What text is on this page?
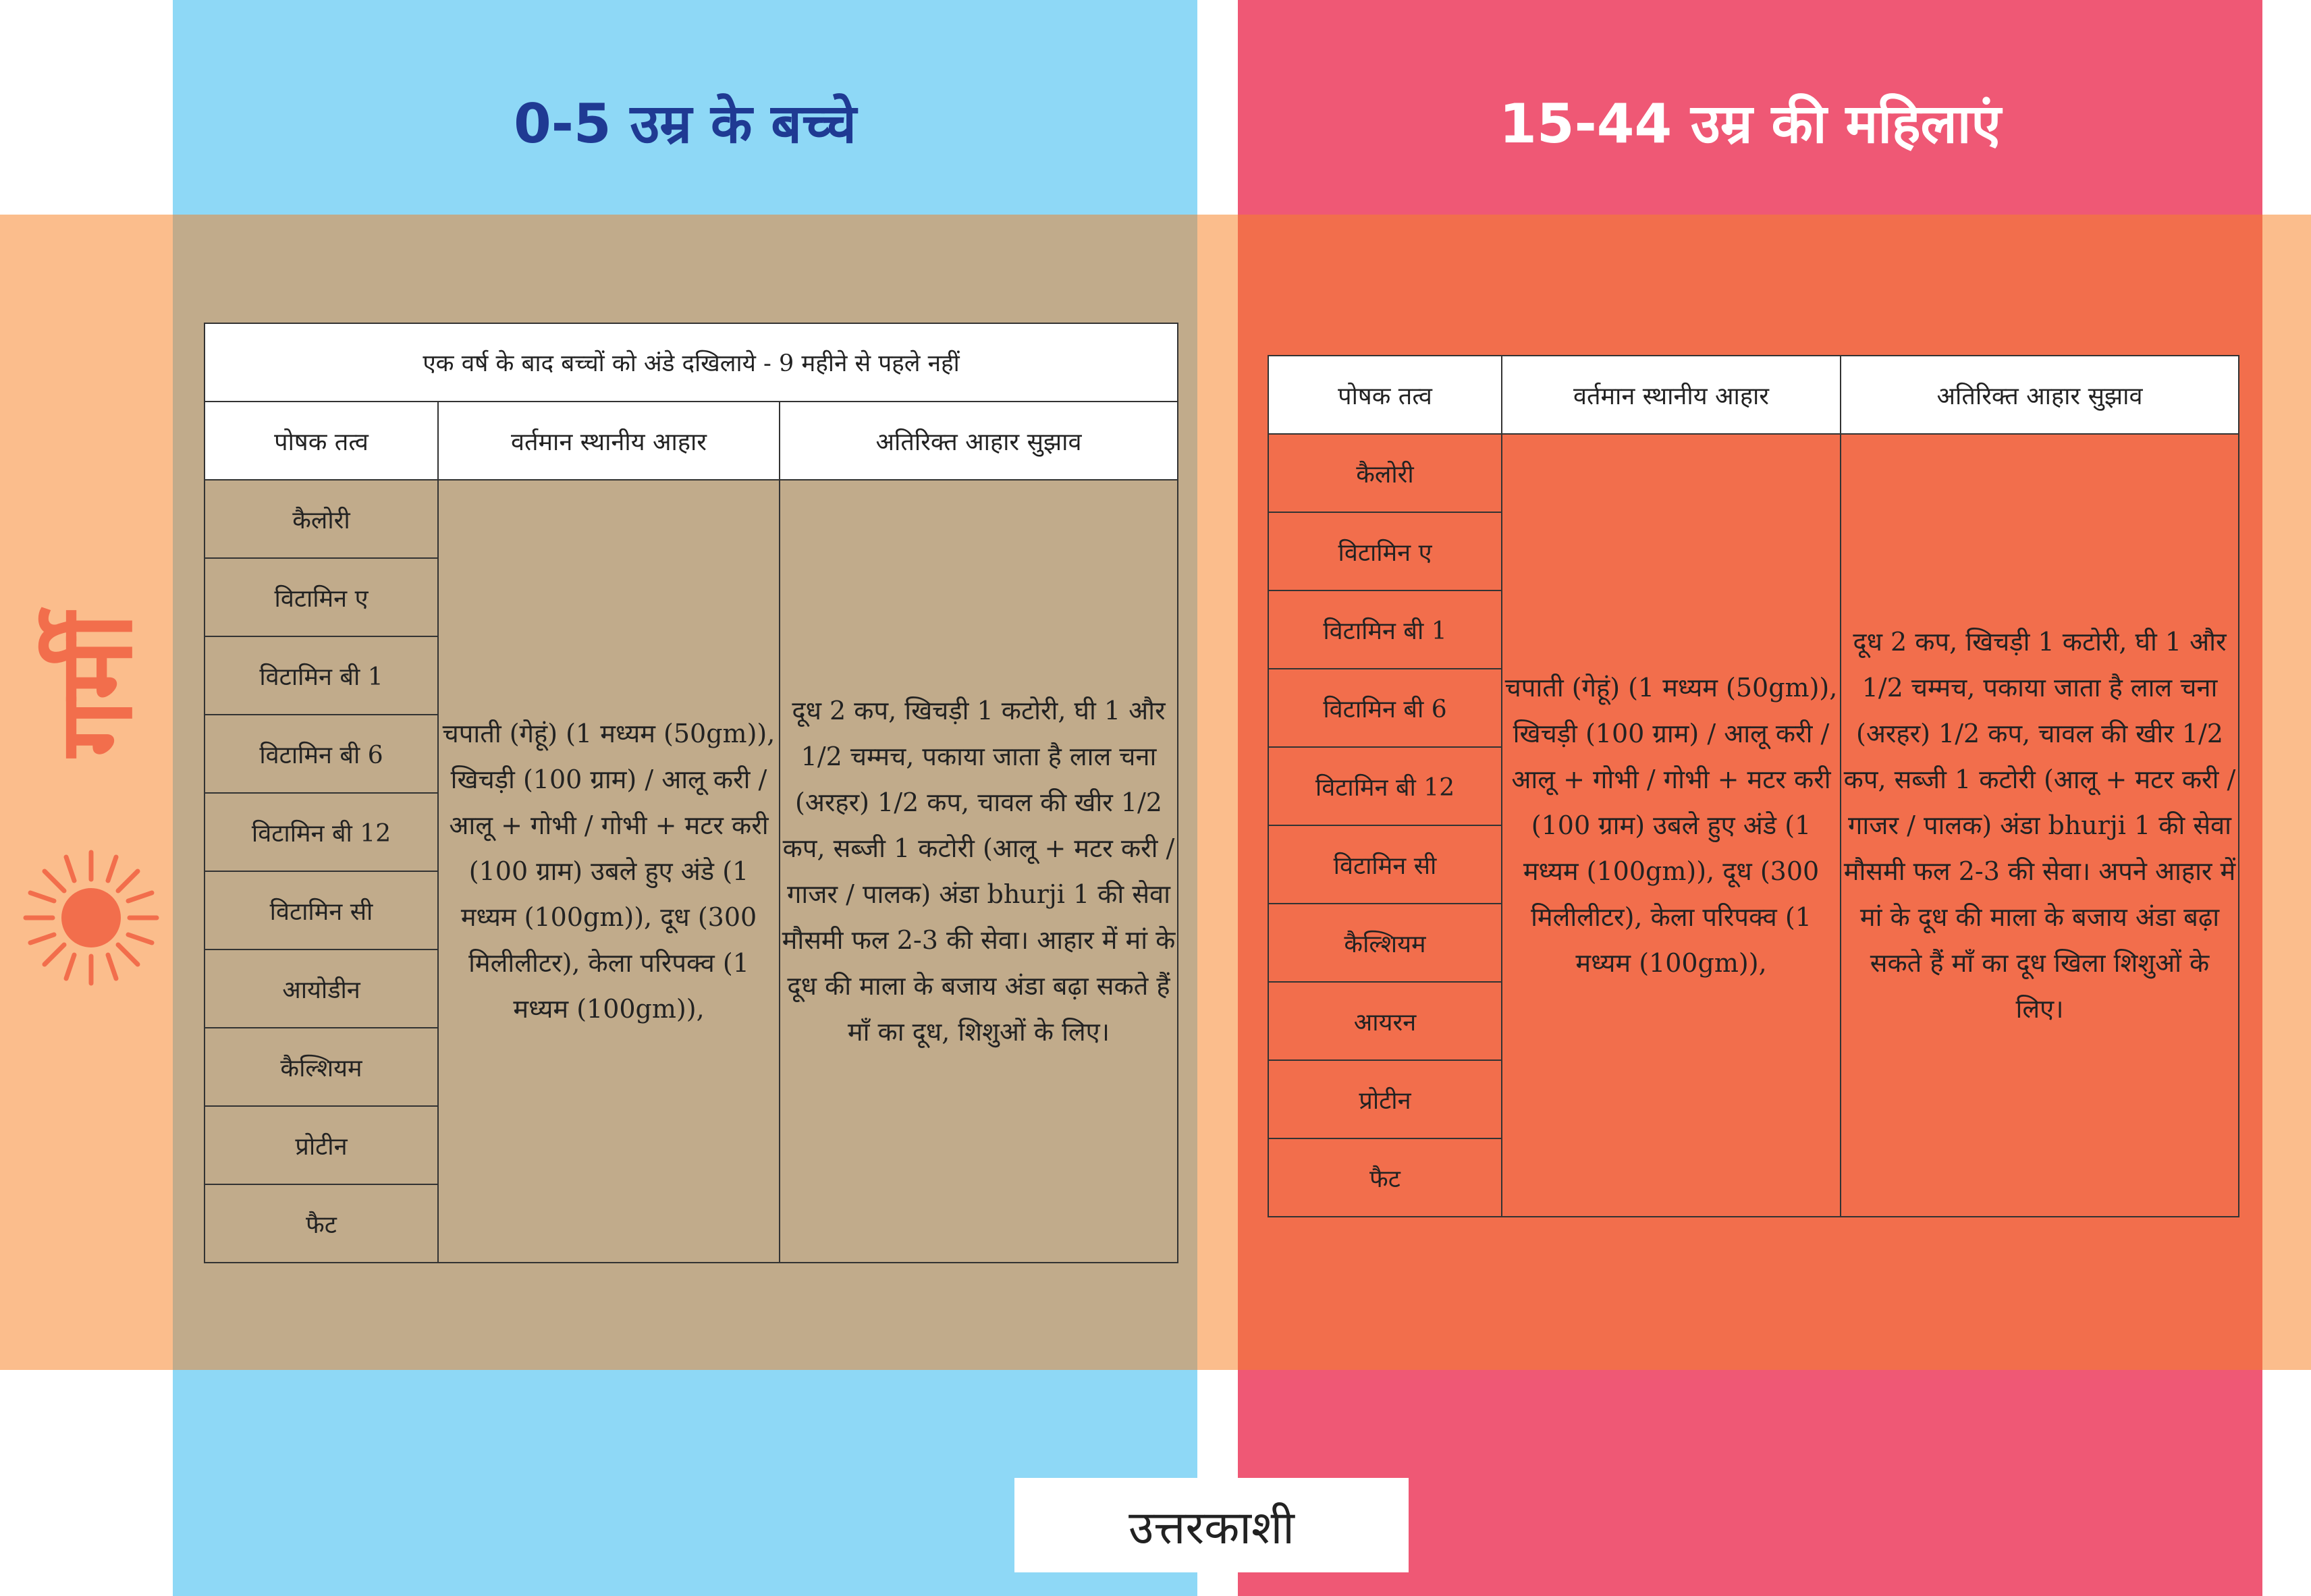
0-5 उम्र के बच्चे	15-44 उम्र की महिलाएं
गर्मी
एक वर्ष के बाद बच्चों को अंडे दखिलाये - 9 महीने से पहले नहीं		
पोषक तत्व	वर्तमान स्थानीय आहार	अतिरिक्त आहार सुझाव
कैलोरी	चपाती (गेहूं) (1 मध्यम (50gm)), खिचड़ी (100 ग्राम) / आलू करी / आलू + गोभी / गोभी + मटर करी (100 ग्राम) उबले हुए अंडे (1 मध्यम (100gm)), दूध (300 मिलीलीटर), केला परिपक्व (1 मध्यम (100gm)),	दूध 2 कप, खिचड़ी 1 कटोरी, घी 1 और 1/2 चम्मच, पकाया जाता है लाल चना (अरहर) 1/2 कप, चावल की खीर 1/2 कप, सब्जी 1 कटोरी (आलू + मटर करी / गाजर / पालक) अंडा bhurji 1 की सेवा मौसमी फल 2-3 की सेवा। आहार में मां के दूध की माला के बजाय अंडा बढ़ा सकते हैं माँ का दूध, शिशुओं के लिए।
विटामिन ए		
विटामिन बी 1		
विटामिन बी 6		
विटामिन बी 12		
विटामिन सी		
आयोडीन		
कैल्शियम		
प्रोटीन		
फैट		
पोषक तत्व	वर्तमान स्थानीय आहार	अतिरिक्त आहार सुझाव
कैलोरी	चपाती (गेहूं) (1 मध्यम (50gm)), खिचड़ी (100 ग्राम) / आलू करी / आलू + गोभी / गोभी + मटर करी (100 ग्राम) उबले हुए अंडे (1 मध्यम (100gm)), दूध (300 मिलीलीटर), केला परिपक्व (1 मध्यम (100gm)),	दूध 2 कप, खिचड़ी 1 कटोरी, घी 1 और 1/2 चम्मच, पकाया जाता है लाल चना (अरहर) 1/2 कप, चावल की खीर 1/2 कप, सब्जी 1 कटोरी (आलू + मटर करी / गाजर / पालक) अंडा bhurji 1 की सेवा मौसमी फल 2-3 की सेवा। अपने आहार में मां के दूध की माला के बजाय अंडा बढ़ा सकते हैं माँ का दूध खिला शिशुओं के लिए।
विटामिन ए		
विटामिन बी 1		
विटामिन बी 6		
विटामिन बी 12		
विटामिन सी		
कैल्शियम		
आयरन		
प्रोटीन		
फैट		
उत्तरकाशी
